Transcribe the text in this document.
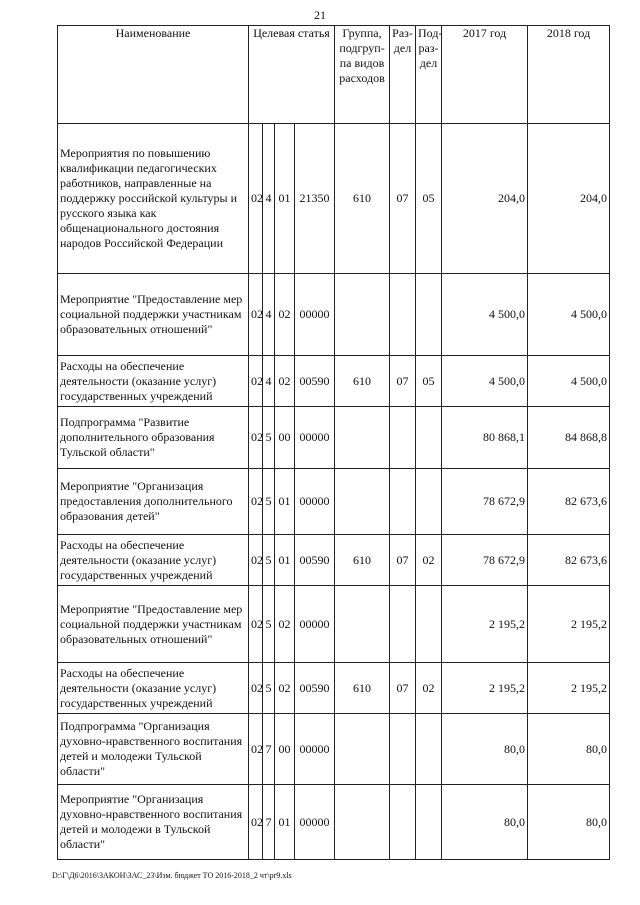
21
Наименование	Целевая статья				Группа, подгруп-па видов расходов	Раз-дел	Под-раз-дел	2017 год	2018 год
Мероприятия по повышению квалификации педагогических работников, направленные на поддержку российской культуры и русского языка как общенационального достояния народов Российской Федерации	02	4	01	21350	610	07	05	204,0	204,0
Мероприятие "Предоставление мер социальной поддержки участникам образовательных отношений"	02	4	02	00000				4 500,0	4 500,0
Расходы на обеспечение деятельности (оказание услуг) государственных учреждений	02	4	02	00590	610	07	05	4 500,0	4 500,0
Подпрограмма "Развитие дополнительного образования Тульской области"	02	5	00	00000				80 868,1	84 868,8
Мероприятие "Организация предоставления дополнительного образования детей"	02	5	01	00000				78 672,9	82 673,6
Расходы на обеспечение деятельности (оказание услуг) государственных учреждений	02	5	01	00590	610	07	02	78 672,9	82 673,6
Мероприятие "Предоставление мер социальной поддержки участникам образовательных отношений"	02	5	02	00000				2 195,2	2 195,2
Расходы на обеспечение деятельности (оказание услуг) государственных учреждений	02	5	02	00590	610	07	02	2 195,2	2 195,2
Подпрограмма "Организация духовно-нравственного воспитания детей и молодежи Тульской области"	02	7	00	00000				80,0	80,0
Мероприятие "Организация духовно-нравственного воспитания детей и молодежи в Тульской области"	02	7	01	00000				80,0	80,0
D:\Г\Д6\2016\ЗАКОН\ЗАС_23\Изм. бюджет ТО 2016-2018_2 чт\pr9.xls
